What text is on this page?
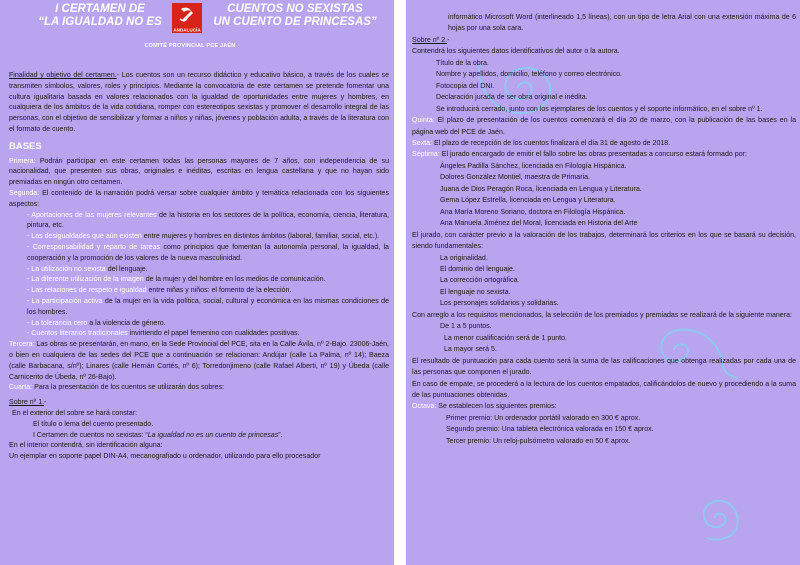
I CERTAMEN DE
“LA IGUALDAD NO ES
ANDALUCÍA
COMITÉ PROVINCIAL PCE JAÉN

Finalidad y objetivo del certamen.- Los cuentos son un recurso didáctico y educativo básico, a través de los cuales se transmiten símbolos, valores, roles y principios. Mediante la convocatoria de este certamen se pretende fomentar una cultura igualitaria basada en valores relacionados con la igualdad de oportunidades entre mujeres y hombres, en cualquiera de los ámbitos de la vida cotidiana, romper con estereotipos sexistas y promover el desarrollo integral de las personas, con el objetivo de sensibilizar y formar a niños y niñas, jóvenes y población adulta, a través de la literatura con el formato de cuento.

BASES

Primera: Podrán participar en este certamen todas las personas mayores de 7 años, con independencia de su nacionalidad, que presenten sus obras, originales e inéditas, escritas en lengua castellana y que no hayan sido premiadas en ningún otro certamen.

Segunda: El contenido de la narración podrá versar sobre cualquier ámbito y temática relacionada con los siguientes aspectos:

- Aportaciones de las mujeres relevantes de la historia en los sectores de la política, economía, ciencia, literatura, pintura, etc.

- Las desigualdades que aún existen entre mujeres y hombres en distintos ámbitos (laboral, familiar, social, etc.).

- Corresponsabilidad y reparto de tareas como principios que fomentan la autonomía personal, la igualdad, la cooperación y la promoción de los valores de la nueva masculinidad.

- La utilización no sexista del lenguaje.

- La diferente utilización de la imagen de la mujer y del hombre en los medios de comunicación.

- Las relaciones de respeto e igualdad entre niñas y niños: el fomento de la elección.

- La participación activa de la mujer en la vida política, social, cultural y económica en las mismas condiciones de los hombres.

- La tolerancia cero a la violencia de género.

- Cuentos literarios tradicionales invirtiendo el papel femenino con cualidades positivas.

Tercera: Las obras se presentarán, en mano, en la Sede Provincial del PCE, sita en la Calle Ávila, nº 2-Bajo. 23006-Jaén, o bien en cualquiera de las sedes del PCE que a continuación se relacionan: Andújar (calle La Palma, nº 14); Baeza (calle Barbacana, s/nº); Linares (calle Hernán Cortés, nº 6); Torredonjimeno (calle Rafael Alberti, nº 19) y Úbeda (calle Carnicerito de Úbeda, nº 26-Bajo).

Cuarta: Para la presentación de los cuentos se utilizarán dos sobres:

Sobre nº 1.-

En el exterior del sobre se hará constar:

El título o lema del cuento presentado.

I Certamen de cuentos no sexistas: “La igualdad no es un cuento de princesas”.

En el interior contendrá, sin identificación alguna:

Un ejemplar en soporte papel DIN-A4, mecanografiado u ordenador, utilizando para ello procesador

informático Microsoft Word (interlineado 1,5 líneas), con un tipo de letra Arial con una extensión máxima de 6 hojas por una sola cara.

Sobre nº 2.-

Contendrá los siguientes datos identificativos del autor o la autora.

Título de la obra.

Nombre y apellidos, domicilio, teléfono y correo electrónico.

Fotocopia del DNI.

Declaración jurada de ser obra original e inédita.

Se introducirá cerrado, junto con los ejemplares de los cuentos y el soporte informático, en el sobre nº 1.

Quinta: El plazo de presentación de los cuentos comenzará el día 20 de marzo, con la publicación de las bases en la página web del PCE de Jaén.

Sexta: El plazo de recepción de los cuentos finalizará el día 31 de agosto de 2018.

Séptima: El jurado encargado de emitir el fallo sobre las obras presentadas a concurso estará formado por:

Ángeles Padilla Sánchez, licenciada en Filología Hispánica.

Dolores González Montiel, maestra de Primaria.

Juana de Dios Peragón Roca, licenciada en Lengua y Literatura.

Gema López Estrella, licenciada en Lengua y Literatura.

Ana María Moreno Soriano, doctora en Filología Hispánica.

Ana Manuela Jiménez del Moral, licenciada en Historia del Arte

El jurado, con carácter previo a la valoración de los trabajos, determinará los criterios en los que se basará su decisión, siendo fundamentales:

La originalidad.

El dominio del lenguaje.

La corrección ortográfica.

El lenguaje no sexista.

Los personajes solidarios y solidarias.

Con arreglo a los requisitos mencionados, la selección de los premiados y premiadas se realizará de la siguiente manera:

De 1 a 5 puntos.

La menor cualificación será de 1 punto.

La mayor será 5.

El resultado de puntuación para cada cuento será la suma de las calificaciones que obtenga realizadas por cada una de las personas que componen el jurado.

En caso de empate, se procederá a la lectura de los cuentos empatados, calificándolos de nuevo y procediendo a la suma de las puntuaciones obtenidas.

Octava: Se establecen los siguientes premios:

Primer premio: Un ordenador portátil valorado en 300 € aprox.

Segundo premio: Una tableta electrónica valorada en 150 € aprox.

Tercer premio: Un reloj-pulsómetro valorado en 50 € aprox.

CUENTOS NO SEXISTAS
UN CUENTO DE PRINCESAS”
